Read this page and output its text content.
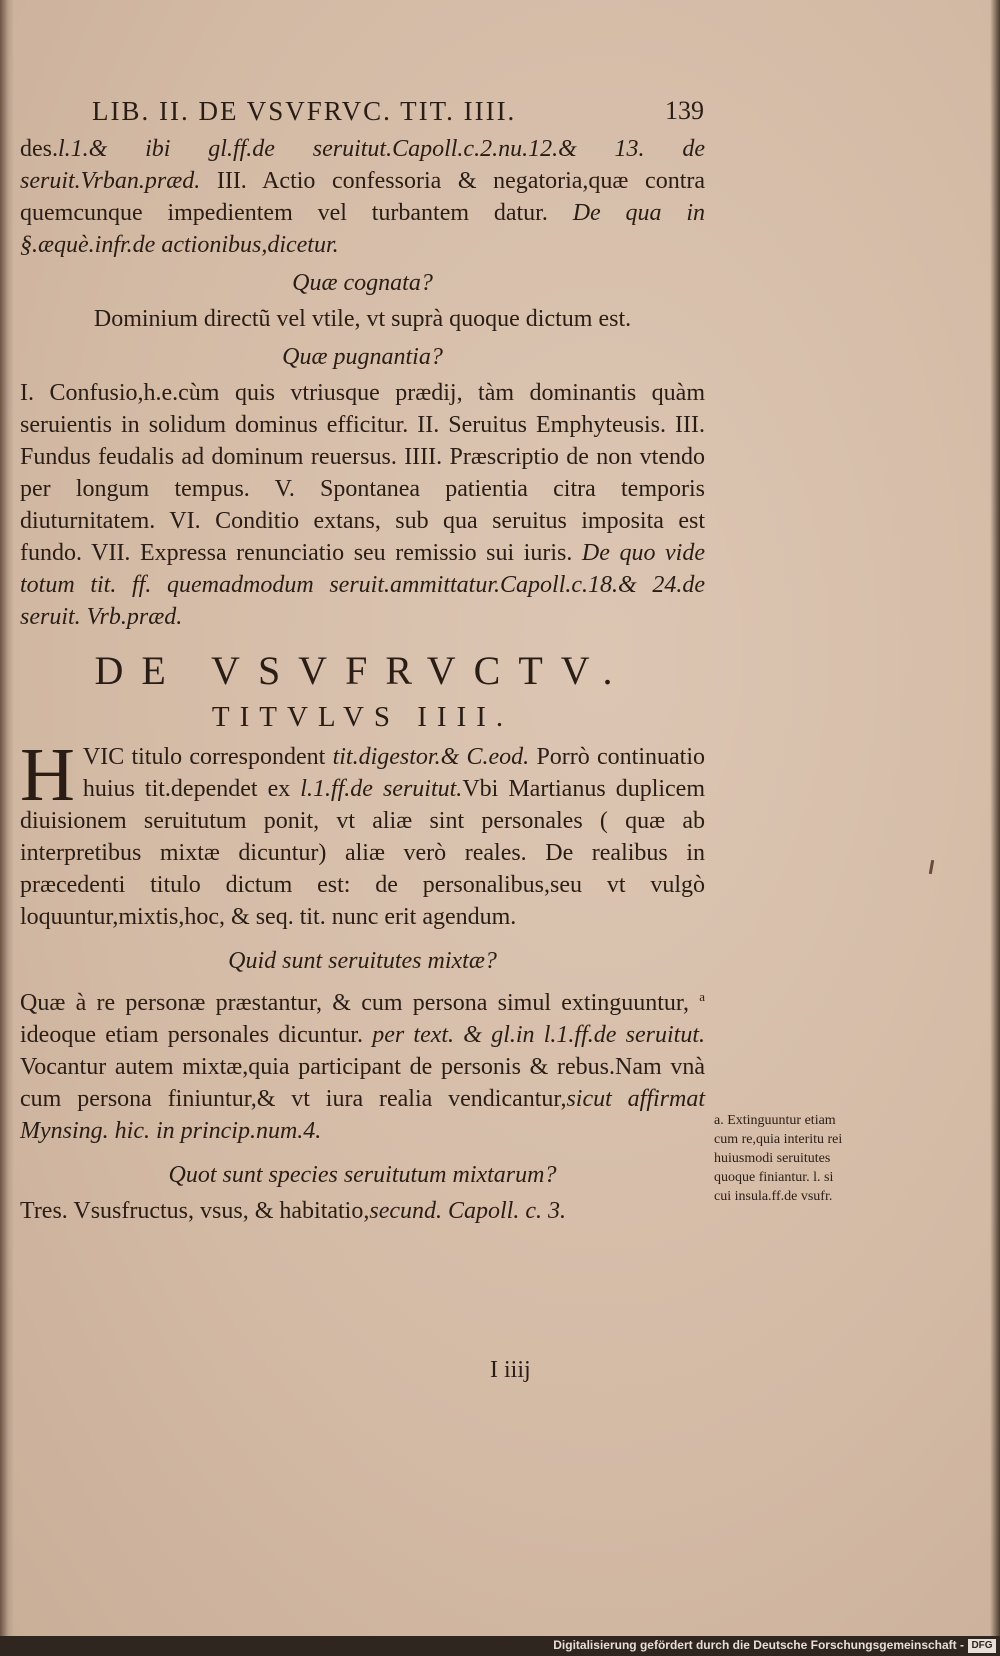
LIB. II. DE VSVFRVC. TIT. IIII.	139

des.l.1.& ibi gl.ff.de seruitut.Capoll.c.2.nu.12.& 13. de seruit.Vrban.præd. III. Actio confessoria & negatoria,quæ contra quemcunque impedientem vel turbantem datur. De qua in §.æquè.infr.de actionibus,dicetur.

Quæ cognata?

Dominium directũ vel vtile, vt suprà quoque dictum est.

Quæ pugnantia?

I. Confusio,h.e.cùm quis vtriusque prædij, tàm dominantis quàm seruientis in solidum dominus efficitur. II. Seruitus Emphyteusis. III. Fundus feudalis ad dominum reuersus. IIII. Præscriptio de non vtendo per longum tempus. V. Spontanea patientia citra temporis diuturnitatem. VI. Conditio extans, sub qua seruitus imposita est fundo. VII. Expressa renunciatio seu remissio sui iuris. De quo vide totum tit. ff. quemadmodum seruit.ammittatur.Capoll.c.18.& 24.de seruit. Vrb.præd.

DE VSVFRVCTV.
TITVLVS IIII.

HVIC titulo correspondent tit.digestor.& C.eod. Porrò continuatio huius tit.dependet ex l.1.ff.de seruitut.Vbi Martianus duplicem diuisionem seruitutum ponit, vt aliæ sint personales ( quæ ab interpretibus mixtæ dicuntur) aliæ verò reales. De realibus in præcedenti titulo dictum est: de personalibus,seu vt vulgò loquuntur,mixtis,hoc, & seq. tit. nunc erit agendum.

Quid sunt seruitutes mixtæ?

Quæ à re personæ præstantur, & cum persona simul extinguuntur, $^a$ ideoque etiam personales dicuntur. per text. & gl.in l.1.ff.de seruitut. Vocantur autem mixtæ,quia participant de personis & rebus.Nam vnà cum persona finiuntur,& vt iura realia vendicantur,sicut affirmat Mynsing. hic. in princip.num.4.

Quot sunt species seruitutum mixtarum?

Tres. Vsusfructus, vsus, & habitatio,secund. Capoll. c. 3.

a. Extinguuntur etiam cum re,quia interitu rei huiusmodi seruitutes quoque finiantur. l. si cui insula.ff.de vsufr.
I iiij
Digitalisierung gefördert durch die Deutsche Forschungsgemeinschaft - DFG
